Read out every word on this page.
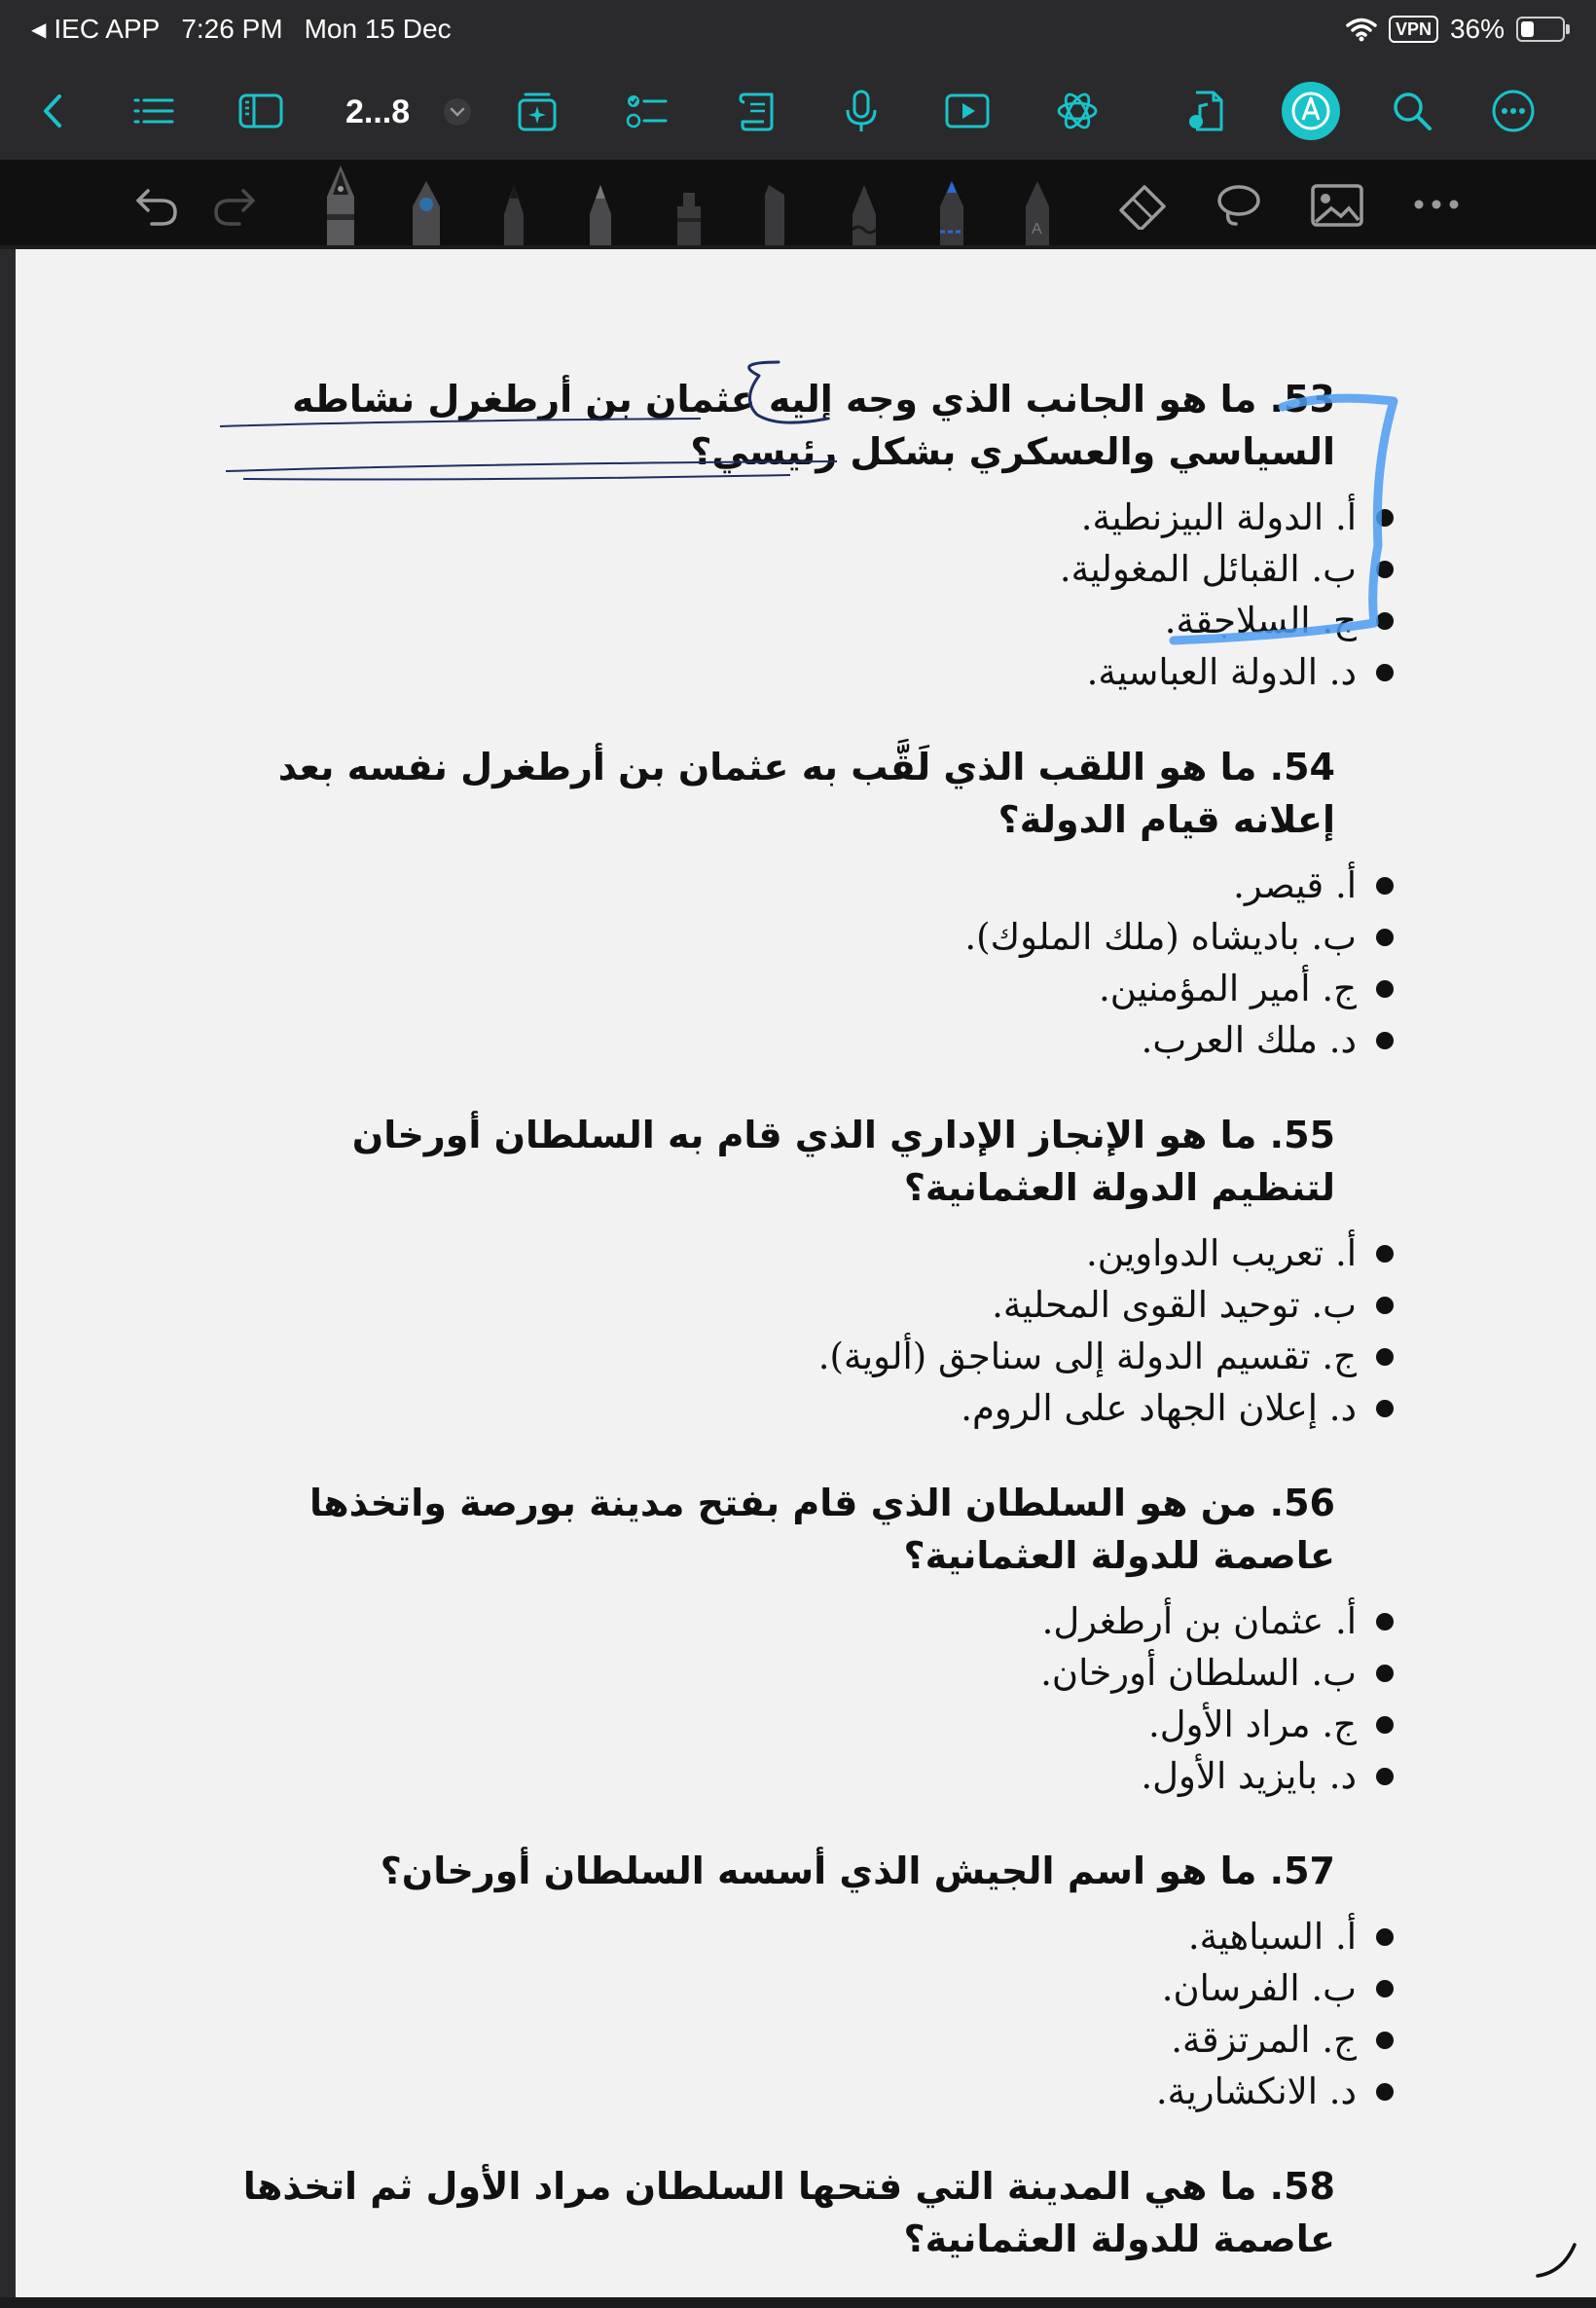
◀ IEC APP 7:26 PM Mon 15 Dec	VPN 36%
2...8
A
53. ما هو الجانب الذي وجه إليه عثمان بن أرطغرل نشاطه السياسي والعسكري بشكل رئيسي؟
أ. الدولة البيزنطية.
ب. القبائل المغولية.
ج. السلاجقة.
د. الدولة العباسية.
54. ما هو اللقب الذي لَقَّب به عثمان بن أرطغرل نفسه بعد إعلانه قيام الدولة؟
أ. قيصر.
ب. باديشاه (ملك الملوك).
ج. أمير المؤمنين.
د. ملك العرب.
55. ما هو الإنجاز الإداري الذي قام به السلطان أورخان لتنظيم الدولة العثمانية؟
أ. تعريب الدواوين.
ب. توحيد القوى المحلية.
ج. تقسيم الدولة إلى سناجق (ألوية).
د. إعلان الجهاد على الروم.
56. من هو السلطان الذي قام بفتح مدينة بورصة واتخذها عاصمة للدولة العثمانية؟
أ. عثمان بن أرطغرل.
ب. السلطان أورخان.
ج. مراد الأول.
د. بايزيد الأول.
57. ما هو اسم الجيش الذي أسسه السلطان أورخان؟
أ. السباهية.
ب. الفرسان.
ج. المرتزقة.
د. الانكشارية.
58. ما هي المدينة التي فتحها السلطان مراد الأول ثم اتخذها عاصمة للدولة العثمانية؟
